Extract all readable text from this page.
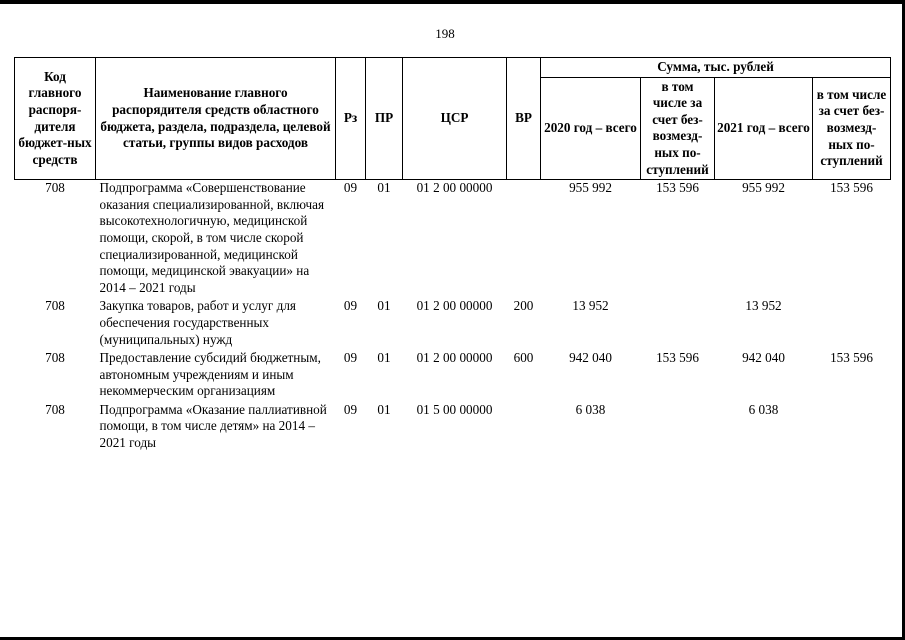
198
Код главного распоря-дителя бюджет-ных средств	Наименование главного распорядителя средств областного бюджета, раздела, подраздела, целевой статьи, группы видов расходов	Рз	ПР	ЦСР	ВР	Сумма, тыс. рублей			
						2020 год – всего	в том числе за счет без-возмезд-ных по-ступлений	2021 год – всего	в том числе за счет без-возмезд-ных по-ступлений
708	Подпрограмма «Совершенствование оказания специализированной, включая высокотехнологичную, медицинской помощи, скорой, в том числе скорой специализированной, медицинской помощи, медицинской эвакуации» на 2014 – 2021 годы	09	01	01 2 00 00000		955 992	153 596	955 992	153 596
708	Закупка товаров, работ и услуг для обеспечения государственных (муниципальных) нужд	09	01	01 2 00 00000	200	13 952		13 952	
708	Предоставление субсидий бюджетным, автономным учреждениям и иным некоммерческим организациям	09	01	01 2 00 00000	600	942 040	153 596	942 040	153 596
708	Подпрограмма «Оказание паллиативной помощи, в том числе детям» на 2014 – 2021 годы	09	01	01 5 00 00000		6 038		6 038	
